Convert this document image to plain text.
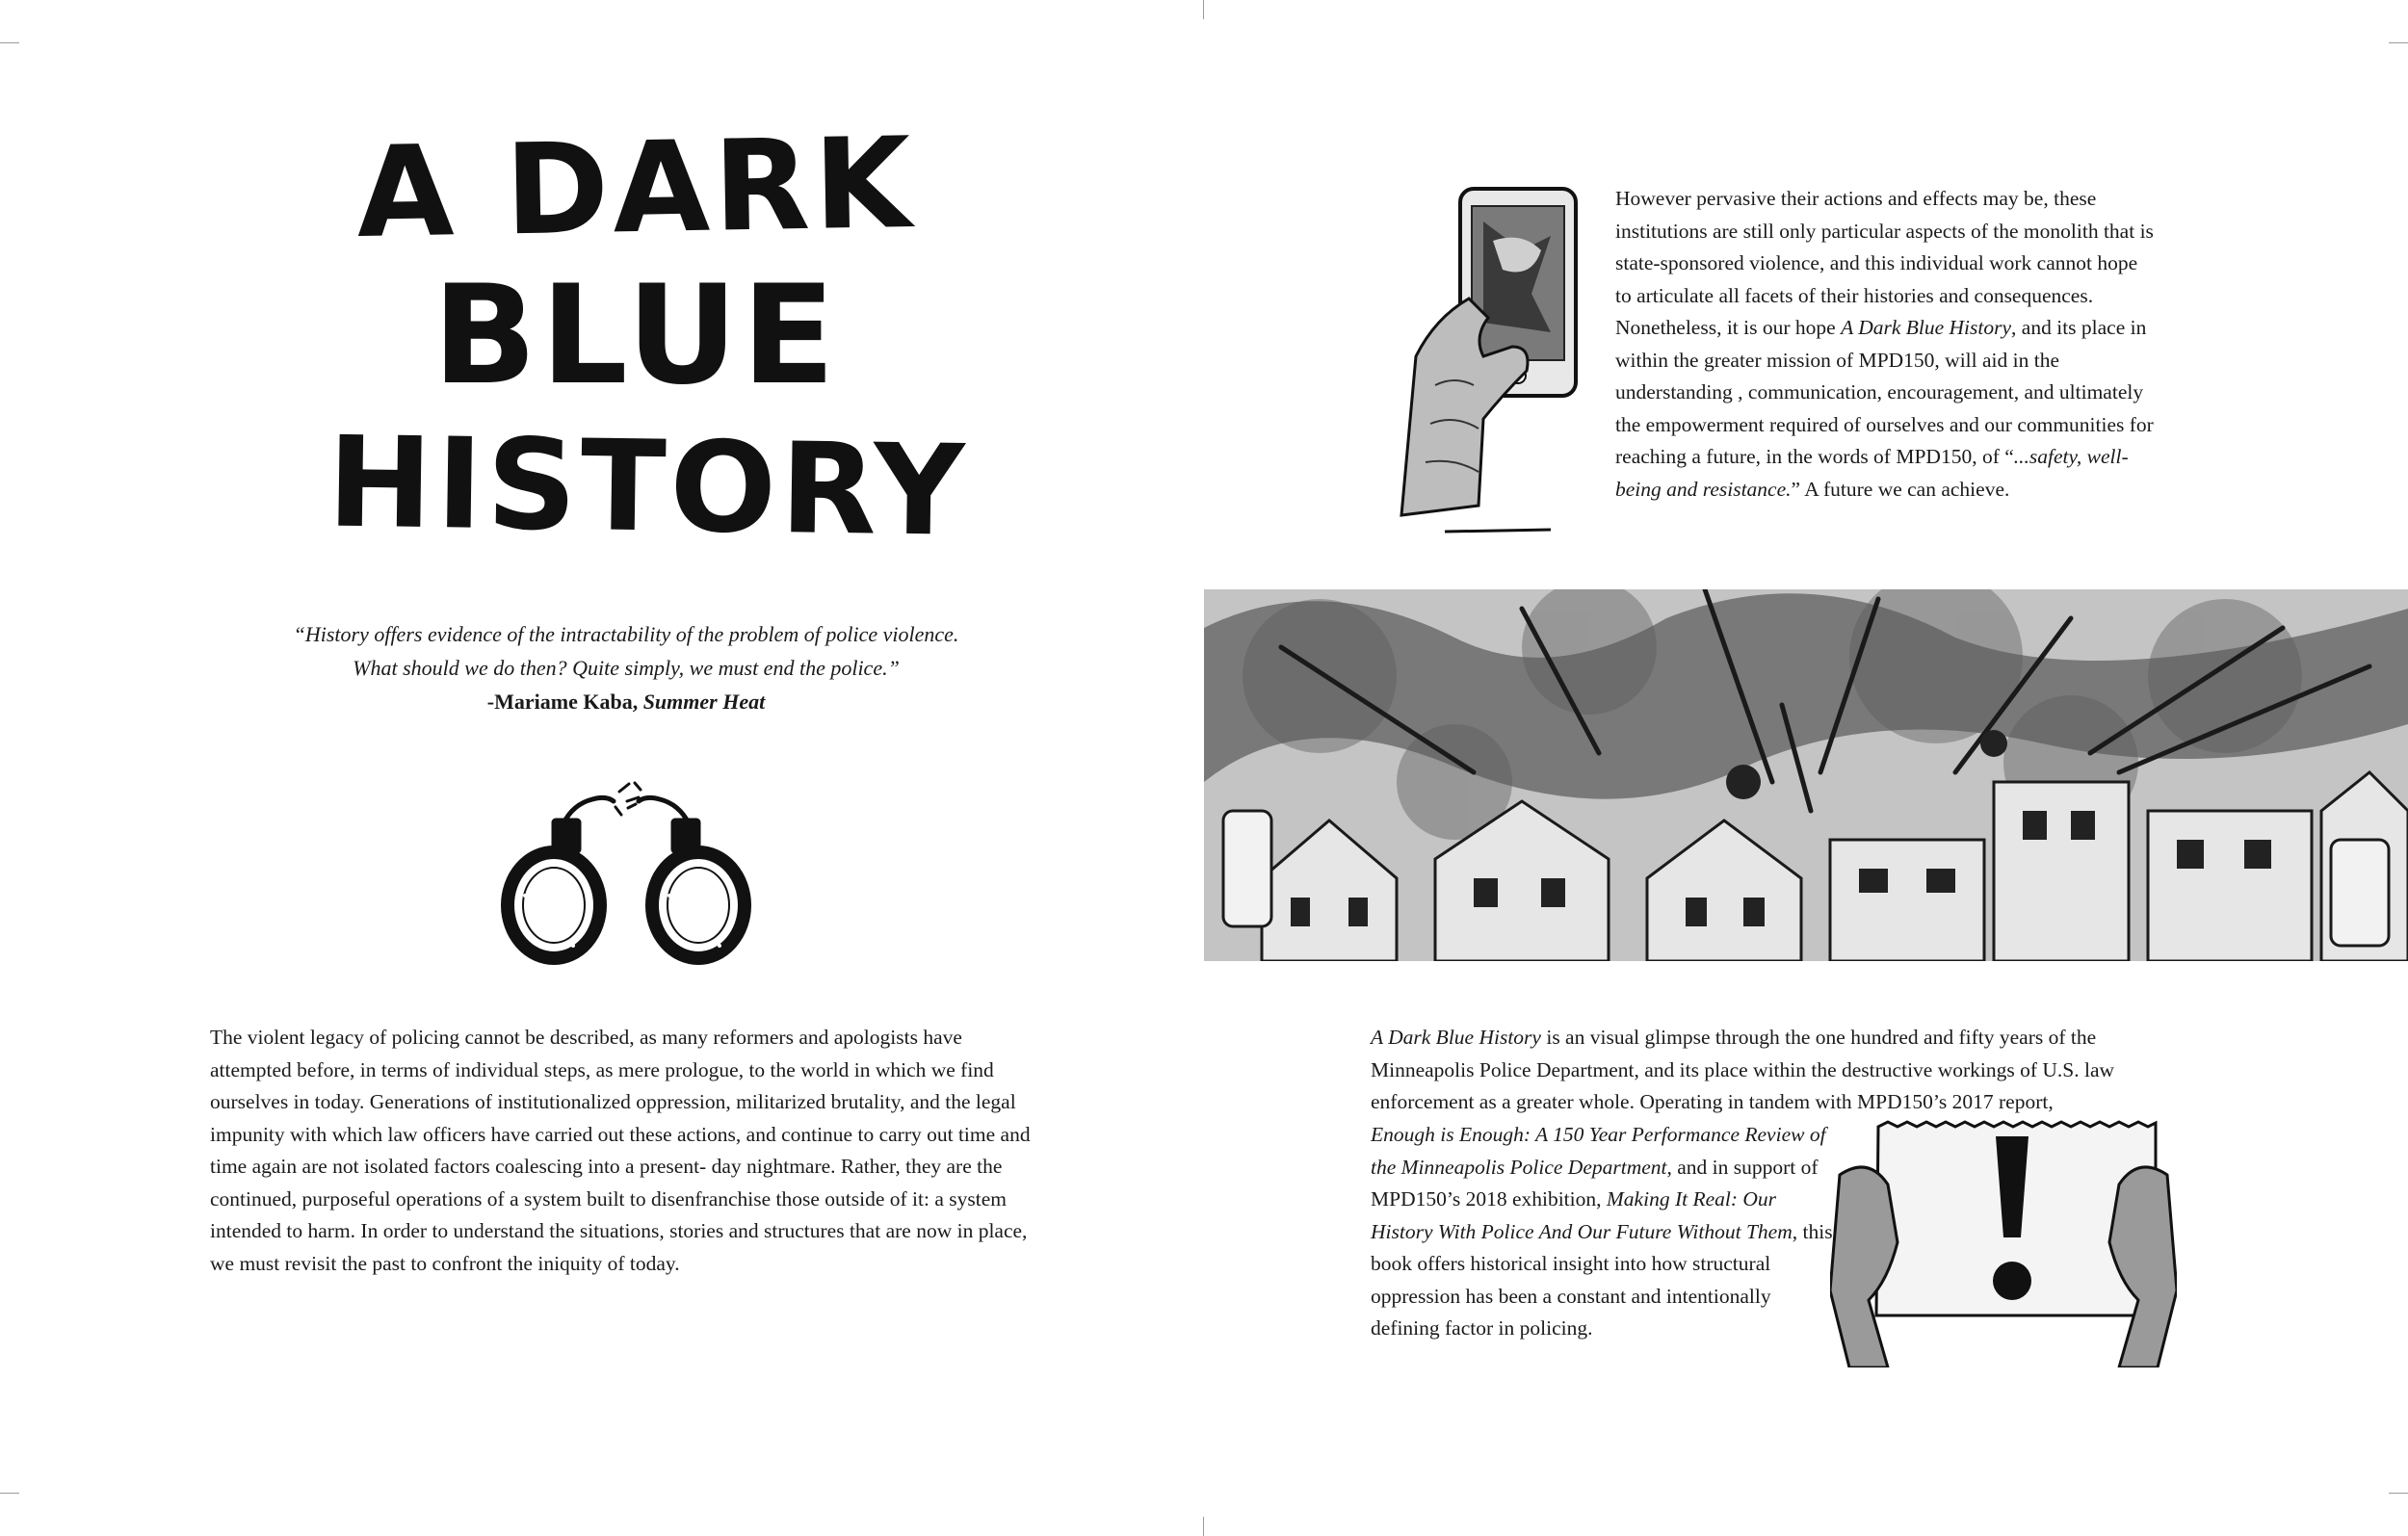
A DARK
BLUE
HISTORY
“History offers evidence of the intractability of the problem of police violence.
What should we do then? Quite simply, we must end the police.”
-Mariame Kaba, Summer Heat

The violent legacy of policing cannot be described, as many reformers and apologists have attempted before, in terms of individual steps, as mere prologue, to the world in which we find ourselves in today. Generations of institutionalized oppression, militarized brutality, and the legal impunity with which law officers have carried out these actions, and continue to carry out time and time again are not isolated factors coalescing into a present- day nightmare. Rather, they are the continued, purposeful operations of a system built to disenfranchise those outside of it: a system intended to harm. In order to understand the situations, stories and structures that are now in place, we must revisit the past to confront the iniquity of today.

However pervasive their actions and effects may be, these institutions are still only particular aspects of the monolith that is state-sponsored violence, and this individual work cannot hope to articulate all facets of their histories and consequences. Nonetheless, it is our hope A Dark Blue History, and its place in within the greater mission of MPD150, will aid in the understanding , communication, encouragement, and ultimately the empowerment required of ourselves and our communities for reaching a future, in the words of MPD150, of “...safety, well-being and resistance.” A future we can achieve.

A Dark Blue History is an visual glimpse through the one hundred and fifty years of the Minneapolis Police Department, and its place within the destructive workings of U.S. law enforcement as a greater whole. Operating in tandem with MPD150’s 2017 report,

Enough is Enough: A 150 Year Performance Review of the Minneapolis Police Department, and in support of MPD150’s 2018 exhibition, Making It Real: Our History With Police And Our Future Without Them, this book offers historical insight into how structural oppression has been a constant and intentionally defining factor in policing.
